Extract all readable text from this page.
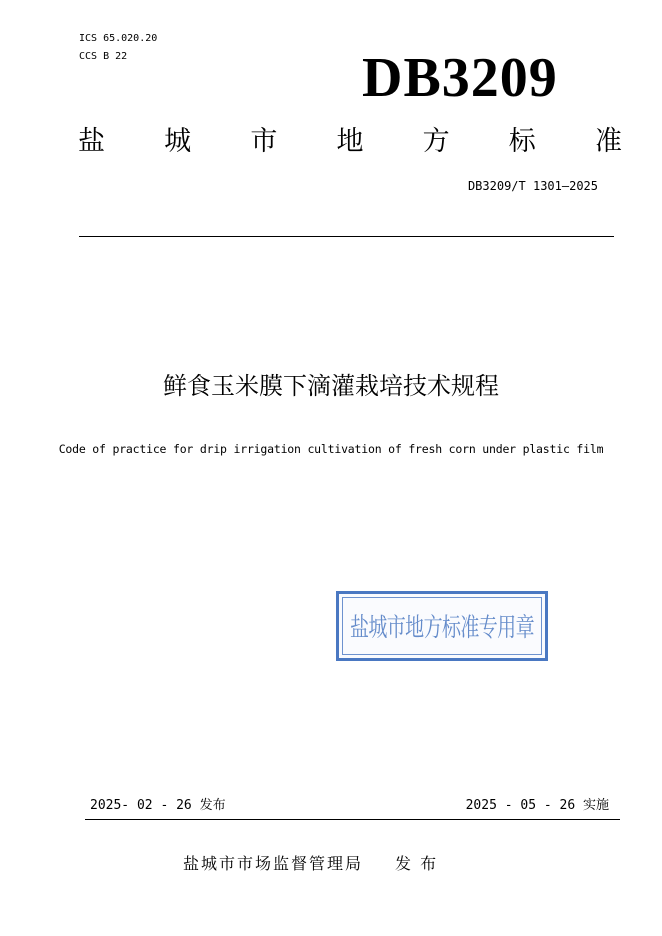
ICS 65.020.20
CCS B 22	DB3209
盐 城 市 地 方 标 准
DB3209/T 1301—2025
鲜食玉米膜下滴灌栽培技术规程
Code of practice for drip irrigation cultivation of fresh corn under plastic film
盐城市地方标准专用章
2025- 02 - 26 发布	2025 - 05 - 26 实施
盐城市市场监督管理局 发 布
